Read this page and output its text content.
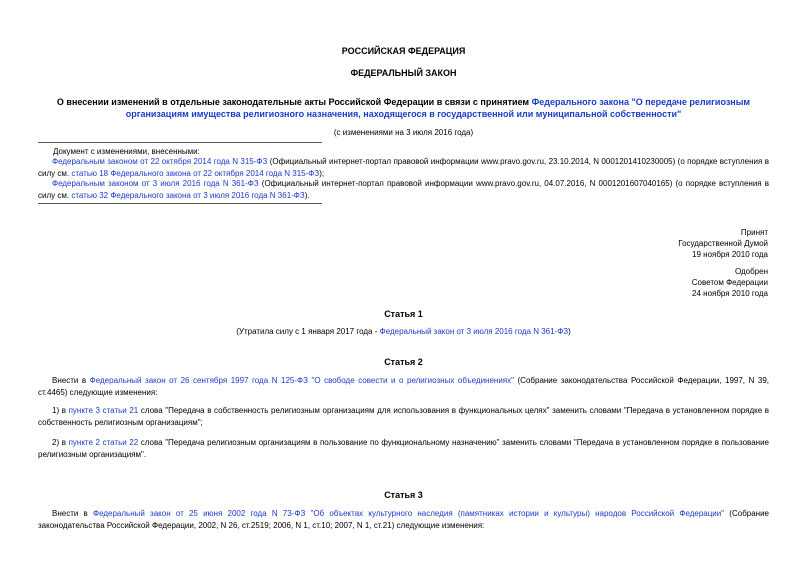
РОССИЙСКАЯ ФЕДЕРАЦИЯ
ФЕДЕРАЛЬНЫЙ ЗАКОН
О внесении изменений в отдельные законодательные акты Российской Федерации в связи с принятием Федерального закона "О передаче религиозным организациям имущества религиозного назначения, находящегося в государственной или муниципальной собственности"
(с изменениями на 3 июля 2016 года)
Документ с изменениями, внесенными:
Федеральным законом от 22 октября 2014 года N 315-ФЗ (Официальный интернет-портал правовой информации www.pravo.gov.ru, 23.10.2014, N 0001201410230005) (о порядке вступления в силу см. статью 18 Федерального закона от 22 октября 2014 года N 315-ФЗ);
Федеральным законом от 3 июля 2016 года N 361-ФЗ (Официальный интернет-портал правовой информации www.pravo.gov.ru, 04.07.2016, N 0001201607040165) (о порядке вступления в силу см. статью 32 Федерального закона от 3 июля 2016 года N 361-ФЗ).
Принят
Государственной Думой
19 ноября 2010 года
Одобрен
Советом Федерации
24 ноября 2010 года
Статья 1
(Утратила силу с 1 января 2017 года - Федеральный закон от 3 июля 2016 года N 361-ФЗ)
Статья 2
Внести в Федеральный закон от 26 сентября 1997 года N 125-ФЗ "О свободе совести и о религиозных объединениях" (Собрание законодательства Российской Федерации, 1997, N 39, ст.4465) следующие изменения:
1) в пункте 3 статьи 21 слова "Передача в собственность религиозным организациям для использования в функциональных целях" заменить словами "Передача в установленном порядке в собственность религиозным организациям";
2) в пункте 2 статьи 22 слова "Передача религиозным организациям в пользование по функциональному назначению" заменить словами "Передача в установленном порядке в пользование религиозным организациям".
Статья 3
Внести в Федеральный закон от 25 июня 2002 года N 73-ФЗ "Об объектах культурного наследия (памятниках истории и культуры) народов Российской Федерации" (Собрание законодательства Российской Федерации, 2002, N 26, ст.2519; 2006, N 1, ст.10; 2007, N 1, ст.21) следующие изменения:
